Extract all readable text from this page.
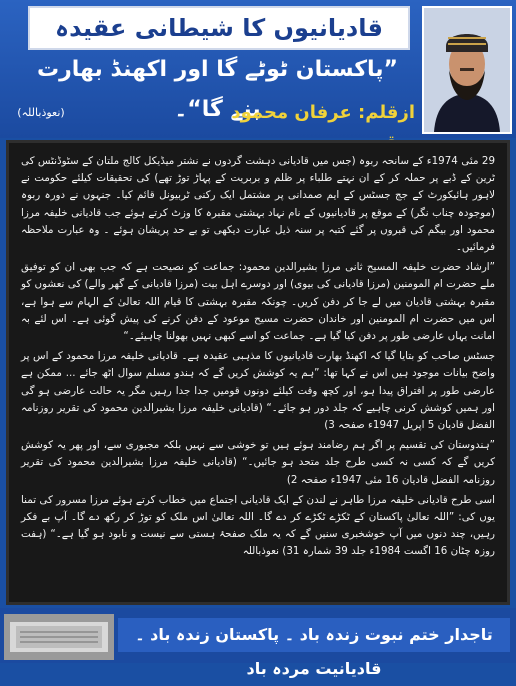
قادیانیوں کا شیطانی عقیدہ
”پاکستان ٹوٹے گا اور اکھنڈ بھارت بنے گا“۔	ازقلم: عرفان محمود
(نعوذباللہ)

29 مئی 1974ء کے سانحہ ربوہ (جس میں قادیانی دہشت گردوں نے نشتر میڈیکل کالج ملتان کے سٹوڈنٹس کی ٹرین کے ڈبے پر حملہ کر کے ان نہتے طلباء پر ظلم و بربریت کے پہاڑ توڑ تھے) کی تحقیقات کیلئے حکومت نے لاہور ہائیکورٹ کے جج جسٹس کے ایم صمدانی پر مشتمل ایک رکنی ٹربیونل قائم کیا۔ جنہوں نے دورہ ربوہ (موجودہ چناب نگر) کے موقع پر قادیانیوں کے نام نہاد بہشتی مقبرہ کا وزٹ کرتے ہوئے جب قادیانی خلیفہ مرزا محمود اور بیگم کی قبروں پر گئے کتبہ پر سنہ ذیل عبارت دیکھی تو بے حد پریشان ہوئے ۔ وہ عبارت ملاحظہ فرمائیں۔

”ارشاد حضرت خلیفہ المسیح ثانی مرزا بشیرالدین محمود: جماعت کو نصیحت ہے کہ جب بھی ان کو توفیق ملے حضرت ام المومنین (مرزا قادیانی کی بیوی) اور دوسرے اہل بیت (مرزا قادیانی کے گھر والے) کی نعشوں کو مقبرہ بہشتی قادیان میں لے جا کر دفن کریں۔ چونکہ مقبرہ بہشتی کا قیام اللہ تعالیٰ کے الہام سے ہوا ہے، اس میں حضرت ام المومنین اور خاندان حضرت مسیح موعود کے دفن کرنے کی پیش گوئی ہے۔ اس لئے بہ امانت یہاں عارضی طور پر دفن کیا گیا ہے۔ جماعت کو اسے کبھی نہیں بھولنا چاہیئے۔“

جسٹس صاحب کو بتایا گیا کہ اکھنڈ بھارت قادیانیوں کا مذہبی عقیدہ ہے۔ قادیانی خلیفہ مرزا محمود کے اس پر واضح بیانات موجود ہیں اس نے کہا تھا: ”ہم یہ کوشش کریں گے کہ ہندو مسلم سوال اٹھ جائے ... ممکن ہے عارضی طور پر افتراق پیدا ہو، اور کچھ وقت کیلئے دونوں قومیں جدا جدا رہیں مگر یہ حالت عارضی ہو گی اور ہمیں کوشش کرنی چاہیے کہ جلد دور ہو جائے۔“ (قادیانی خلیفہ مرزا بشیرالدین محمود کی تقریر روزنامہ الفضل قادیان 5 اپریل 1947ء صفحہ 3)

”ہندوستان کی تقسیم پر اگر ہم رضامند ہوئے ہیں تو خوشی سے نہیں بلکہ مجبوری سے، اور پھر یہ کوشش کریں گے کہ کسی نہ کسی طرح جلد متحد ہو جائیں۔“ (قادیانی خلیفہ مرزا بشیرالدین محمود کی تقریر روزنامہ الفضل قادیان 16 مئی 1947ء صفحہ 2)

اسی طرح قادیانی خلیفہ مرزا طاہر نے لندن کے ایک قادیانی اجتماع میں خطاب کرتے ہوئے مرزا مسرور کی تمنا یوں کی: ”اللہ تعالیٰ پاکستان کے ٹکڑے ٹکڑے کر دے گا۔ اللہ تعالیٰ اس ملک کو توڑ کر رکھ دے گا۔ آپ بے فکر رہیں، چند دنوں میں آپ خوشخبری سنیں گے کہ یہ ملک صفحۂ ہستی سے نیست و نابود ہو گیا ہے۔“ (ہفت روزہ چٹان 16 اگست 1984ء جلد 39 شمارہ 31) نعوذباللہ

تاجدار ختم نبوت زندہ باد ۔ پاکستان زندہ باد ۔ قادیانیت مردہ باد
